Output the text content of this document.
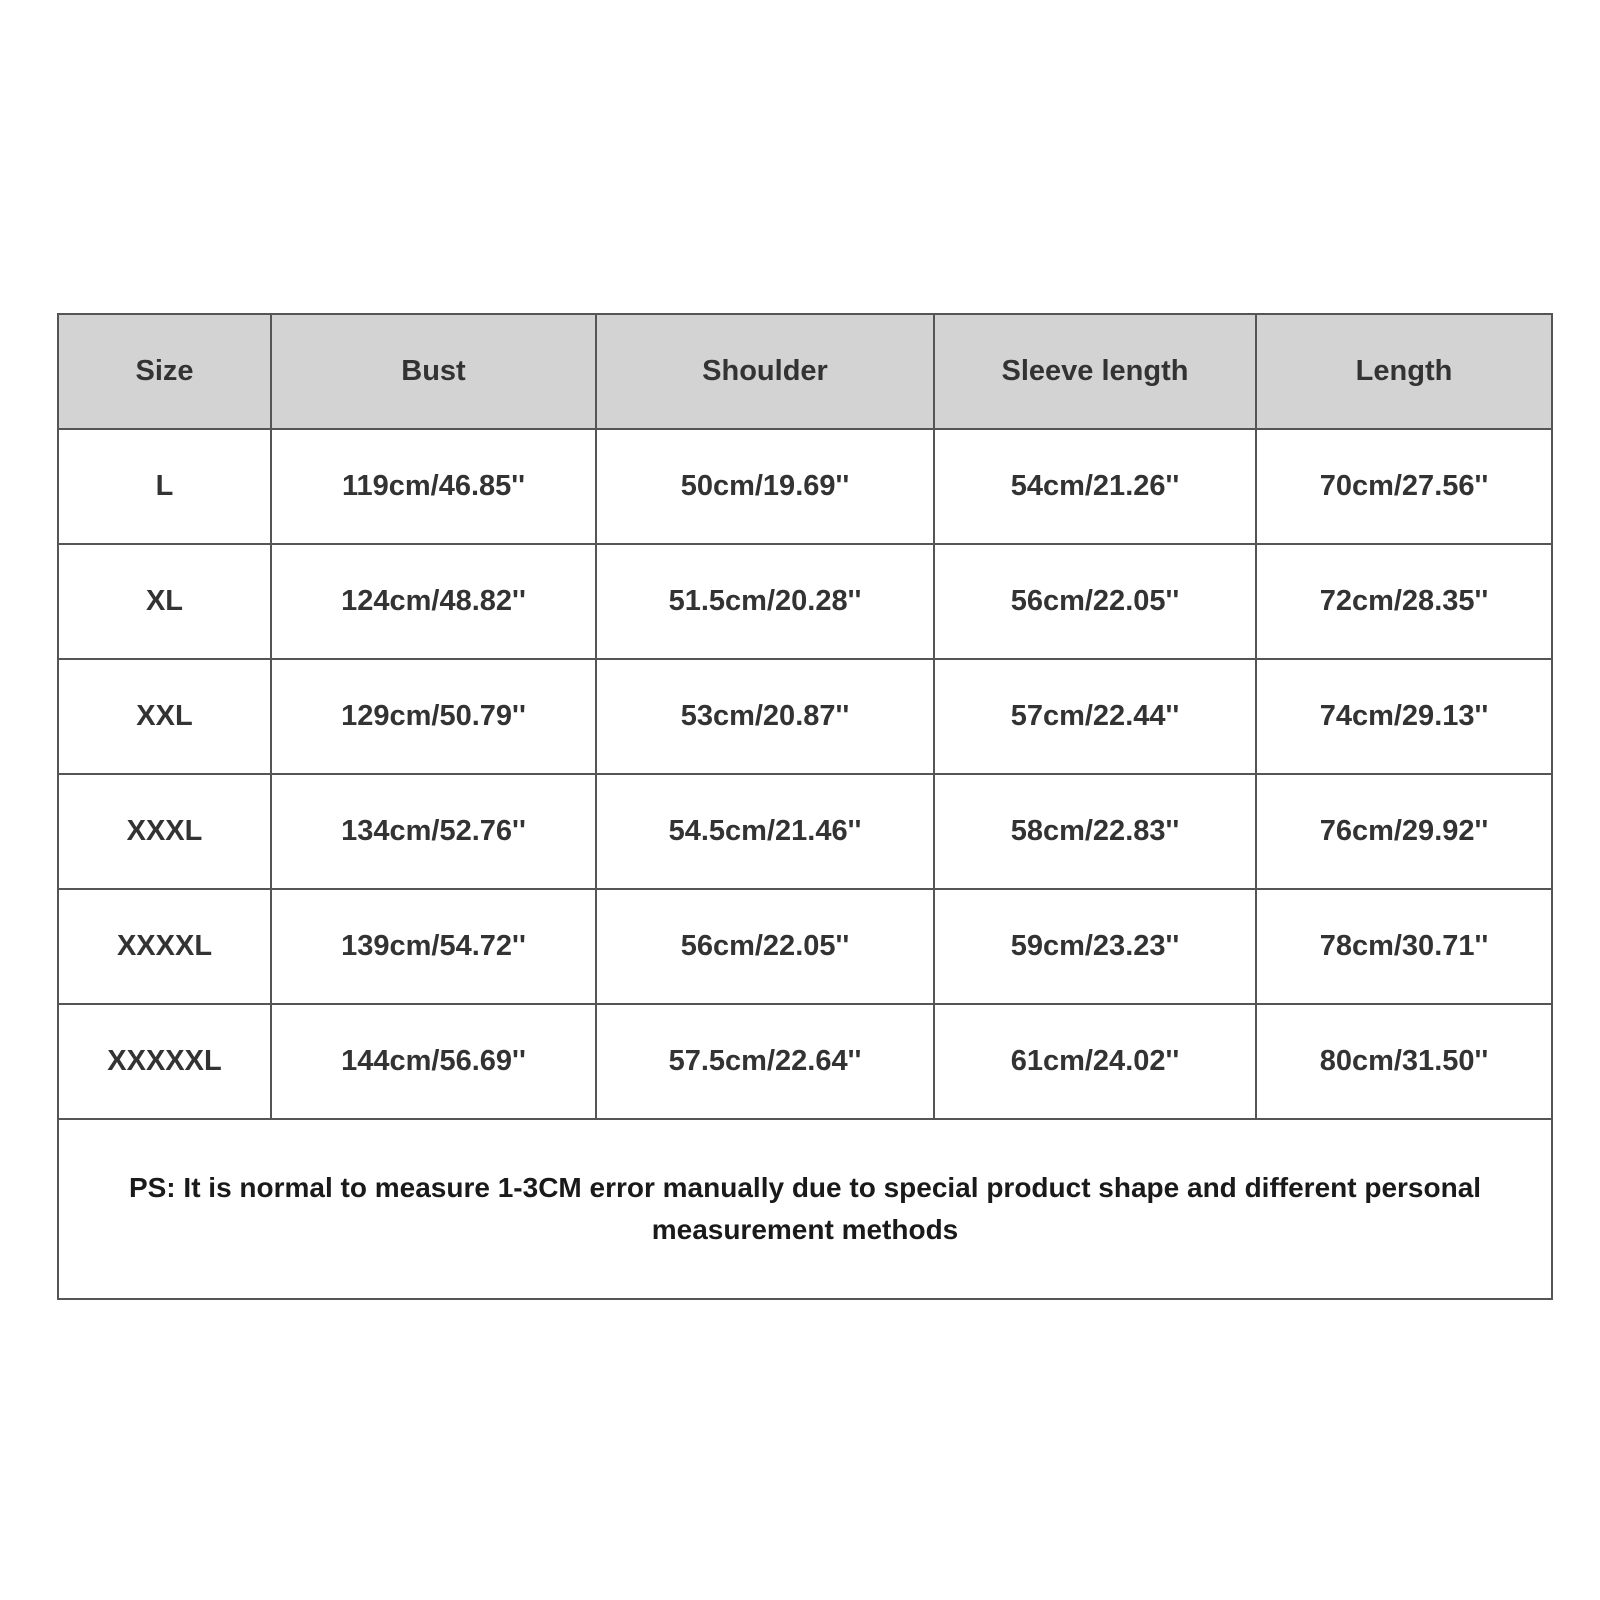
Size	Bust	Shoulder	Sleeve length	Length
L	119cm/46.85''	50cm/19.69''	54cm/21.26''	70cm/27.56''
XL	124cm/48.82''	51.5cm/20.28''	56cm/22.05''	72cm/28.35''
XXL	129cm/50.79''	53cm/20.87''	57cm/22.44''	74cm/29.13''
XXXL	134cm/52.76''	54.5cm/21.46''	58cm/22.83''	76cm/29.92''
XXXXL	139cm/54.72''	56cm/22.05''	59cm/23.23''	78cm/30.71''
XXXXXL	144cm/56.69''	57.5cm/22.64''	61cm/24.02''	80cm/31.50''
PS: It is normal to measure 1-3CM error manually due to special product shape and different personal measurement methods				
